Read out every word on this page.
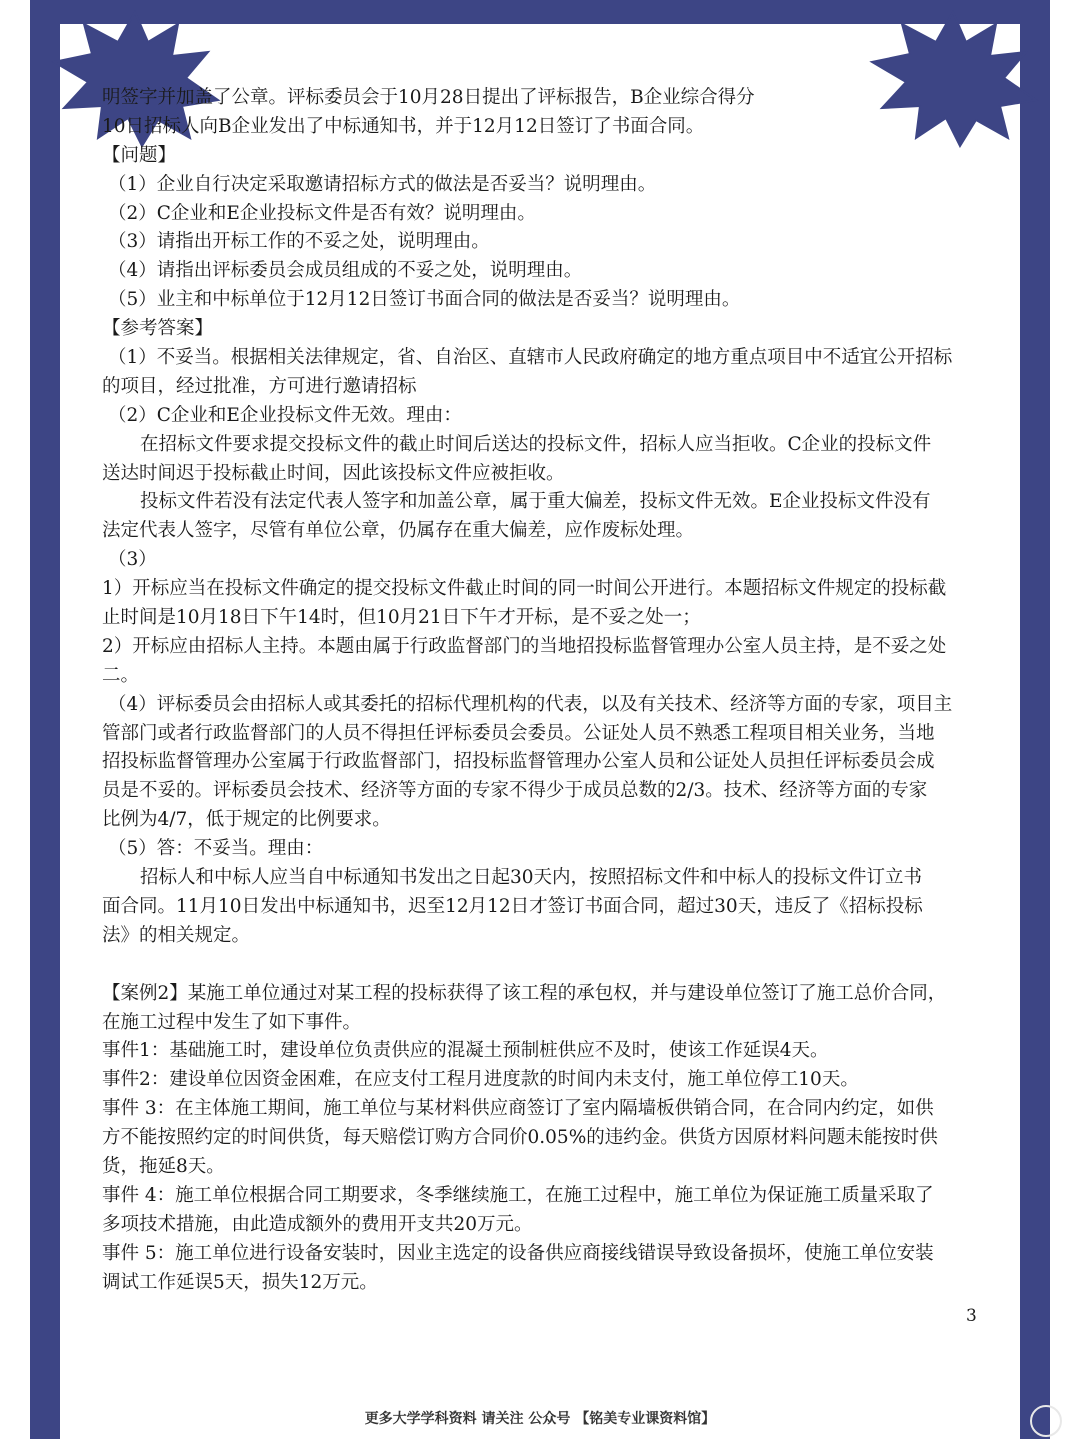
明签字并加盖了公章。评标委员会于10月28日提出了评标报告，B企业综合得分
10日招标人向B企业发出了中标通知书，并于12月12日签订了书面合同。
【问题】
（1）企业自行决定采取邀请招标方式的做法是否妥当？说明理由。
（2）C企业和E企业投标文件是否有效？说明理由。
（3）请指出开标工作的不妥之处，说明理由。
（4）请指出评标委员会成员组成的不妥之处，说明理由。
（5）业主和中标单位于12月12日签订书面合同的做法是否妥当？说明理由。
【参考答案】
（1）不妥当。根据相关法律规定，省、自治区、直辖市人民政府确定的地方重点项目中不适宜公开招标
的项目，经过批准，方可进行邀请招标
（2）C企业和E企业投标文件无效。理由：
在招标文件要求提交投标文件的截止时间后送达的投标文件，招标人应当拒收。C企业的投标文件
送达时间迟于投标截止时间，因此该投标文件应被拒收。
投标文件若没有法定代表人签字和加盖公章，属于重大偏差，投标文件无效。E企业投标文件没有
法定代表人签字，尽管有单位公章，仍属存在重大偏差，应作废标处理。
（3）
1）开标应当在投标文件确定的提交投标文件截止时间的同一时间公开进行。本题招标文件规定的投标截
止时间是10月18日下午14时，但10月21日下午才开标，是不妥之处一；
2）开标应由招标人主持。本题由属于行政监督部门的当地招投标监督管理办公室人员主持，是不妥之处
二。
（4）评标委员会由招标人或其委托的招标代理机构的代表，以及有关技术、经济等方面的专家，项目主
管部门或者行政监督部门的人员不得担任评标委员会委员。公证处人员不熟悉工程项目相关业务，当地
招投标监督管理办公室属于行政监督部门，招投标监督管理办公室人员和公证处人员担任评标委员会成
员是不妥的。评标委员会技术、经济等方面的专家不得少于成员总数的2/3。技术、经济等方面的专家
比例为4/7，低于规定的比例要求。
（5）答：不妥当。理由：
招标人和中标人应当自中标通知书发出之日起30天内，按照招标文件和中标人的投标文件订立书
面合同。11月10日发出中标通知书，迟至12月12日才签订书面合同，超过30天，违反了《招标投标
法》的相关规定。
【案例2】某施工单位通过对某工程的投标获得了该工程的承包权，并与建设单位签订了施工总价合同，
在施工过程中发生了如下事件。
事件1：基础施工时，建设单位负责供应的混凝土预制桩供应不及时，使该工作延误4天。
事件2：建设单位因资金困难，在应支付工程月进度款的时间内未支付，施工单位停工10天。
事件 3：在主体施工期间，施工单位与某材料供应商签订了室内隔墙板供销合同，在合同内约定，如供
方不能按照约定的时间供货，每天赔偿订购方合同价0.05%的违约金。供货方因原材料问题未能按时供
货，拖延8天。
事件 4：施工单位根据合同工期要求，冬季继续施工，在施工过程中，施工单位为保证施工质量采取了
多项技术措施，由此造成额外的费用开支共20万元。
事件 5：施工单位进行设备安装时，因业主选定的设备供应商接线错误导致设备损坏，使施工单位安装
调试工作延误5天，损失12万元。
3
更多大学学科资料 请关注 公众号 【铭美专业课资料馆】
